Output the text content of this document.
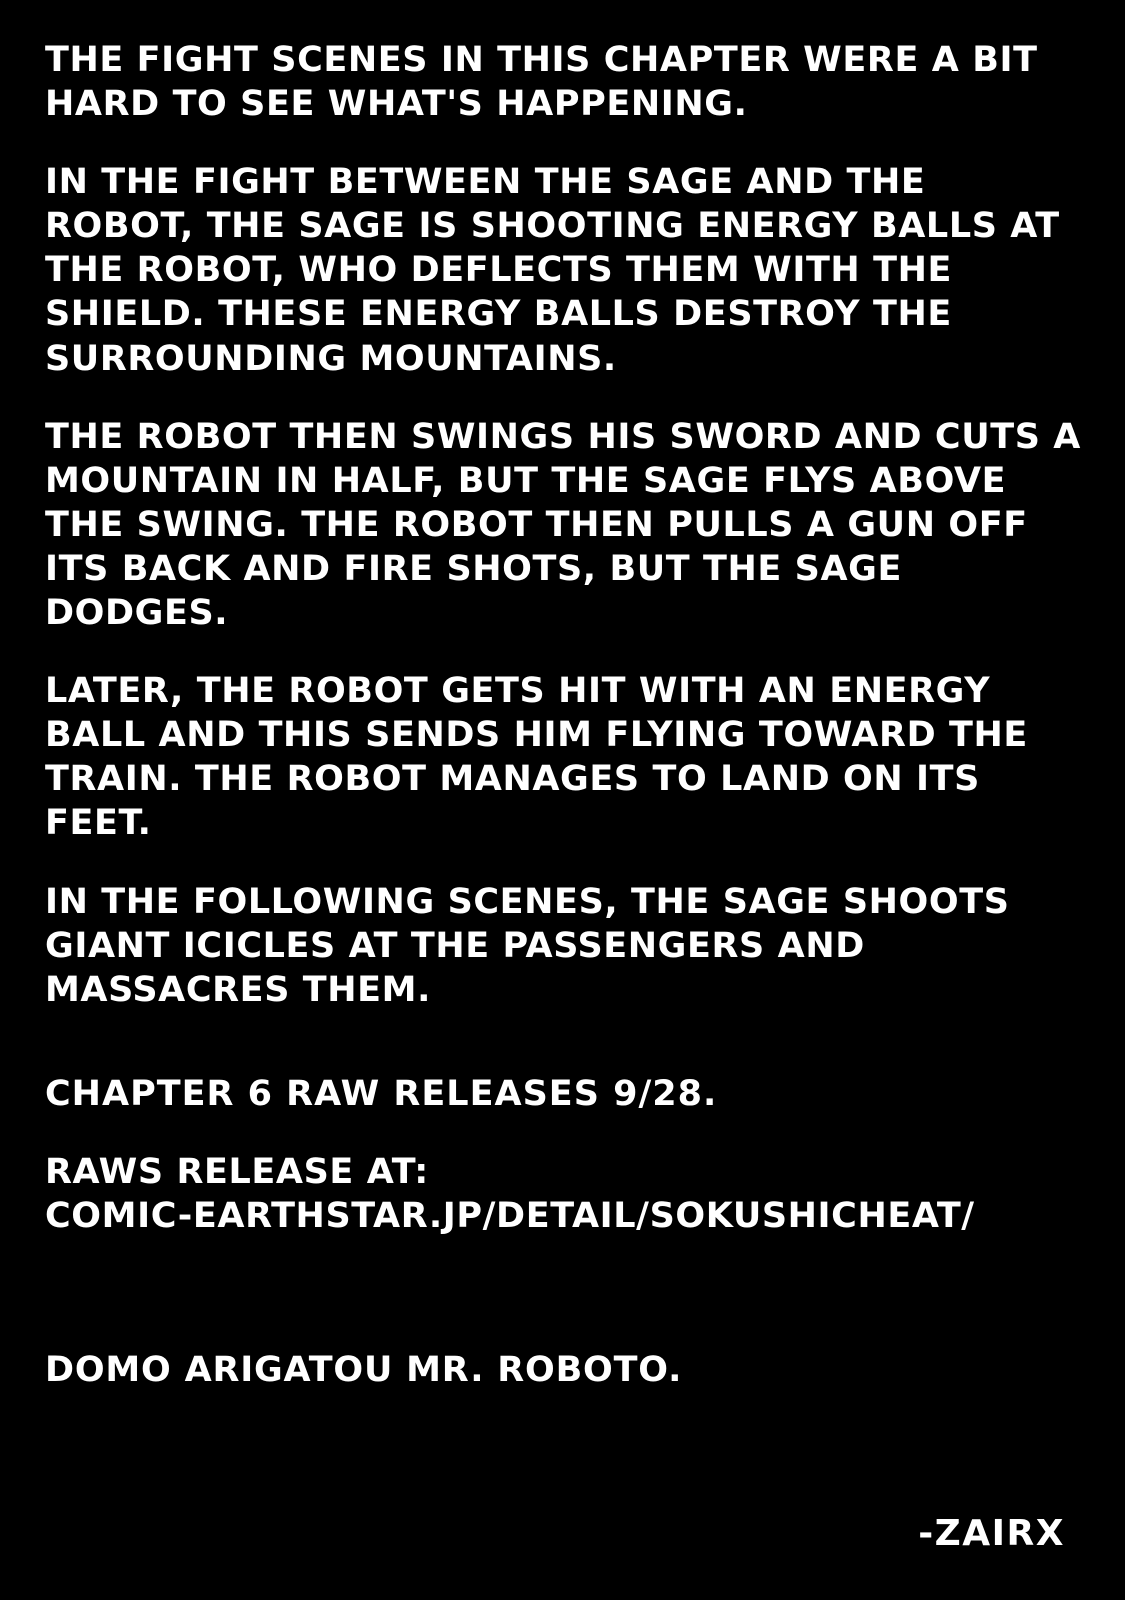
THE FIGHT SCENES IN THIS CHAPTER WERE A BIT HARD TO SEE WHAT'S HAPPENING.

IN THE FIGHT BETWEEN THE SAGE AND THE ROBOT, THE SAGE IS SHOOTING ENERGY BALLS AT THE ROBOT, WHO DEFLECTS THEM WITH THE SHIELD. THESE ENERGY BALLS DESTROY THE SURROUNDING MOUNTAINS.

THE ROBOT THEN SWINGS HIS SWORD AND CUTS A MOUNTAIN IN HALF, BUT THE SAGE FLYS ABOVE THE SWING. THE ROBOT THEN PULLS A GUN OFF ITS BACK AND FIRE SHOTS, BUT THE SAGE DODGES.

LATER, THE ROBOT GETS HIT WITH AN ENERGY BALL AND THIS SENDS HIM FLYING TOWARD THE TRAIN. THE ROBOT MANAGES TO LAND ON ITS FEET.

IN THE FOLLOWING SCENES, THE SAGE SHOOTS GIANT ICICLES AT THE PASSENGERS AND MASSACRES THEM.

CHAPTER 6 RAW RELEASES 9/28.

RAWS RELEASE AT:

COMIC-EARTHSTAR.JP/DETAIL/SOKUSHICHEAT/

DOMO ARIGATOU MR. ROBOTO.
-ZAIRX
